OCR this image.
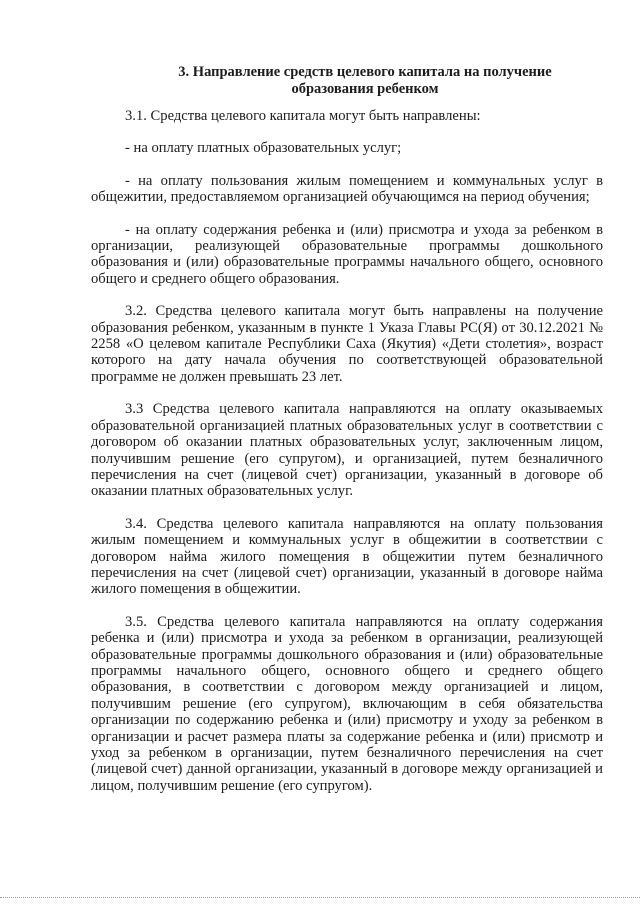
3. Направление средств целевого капитала на получение
образования ребенком

3.1. Средства целевого капитала могут быть направлены:

- на оплату платных образовательных услуг;

- на оплату пользования жилым помещением и коммунальных услуг в общежитии, предоставляемом организацией обучающимся на период обучения;

- на оплату содержания ребенка и (или) присмотра и ухода за ребенком в организации, реализующей образовательные программы дошкольного образования и (или) образовательные программы начального общего, основного общего и среднего общего образования.

3.2. Средства целевого капитала могут быть направлены на получение образования ребенком, указанным в пункте 1 Указа Главы РС(Я) от 30.12.2021 № 2258 «О целевом капитале Республики Саха (Якутия) «Дети столетия», возраст которого на дату начала обучения по соответствующей образовательной программе не должен превышать 23 лет.

3.3 Средства целевого капитала направляются на оплату оказываемых образовательной организацией платных образовательных услуг в соответствии с договором об оказании платных образовательных услуг, заключенным лицом, получившим решение (его супругом), и организацией, путем безналичного перечисления на счет (лицевой счет) организации, указанный в договоре об оказании платных образовательных услуг.

3.4. Средства целевого капитала направляются на оплату пользования жилым помещением и коммунальных услуг в общежитии в соответствии с договором найма жилого помещения в общежитии путем безналичного перечисления на счет (лицевой счет) организации, указанный в договоре найма жилого помещения в общежитии.

3.5. Средства целевого капитала направляются на оплату содержания ребенка и (или) присмотра и ухода за ребенком в организации, реализующей образовательные программы дошкольного образования и (или) образовательные программы начального общего, основного общего и среднего общего образования, в соответствии с договором между организацией и лицом, получившим решение (его супругом), включающим в себя обязательства организации по содержанию ребенка и (или) присмотру и уходу за ребенком в организации и расчет размера платы за содержание ребенка и (или) присмотр и уход за ребенком в организации, путем безналичного перечисления на счет (лицевой счет) данной организации, указанный в договоре между организацией и лицом, получившим решение (его супругом).
